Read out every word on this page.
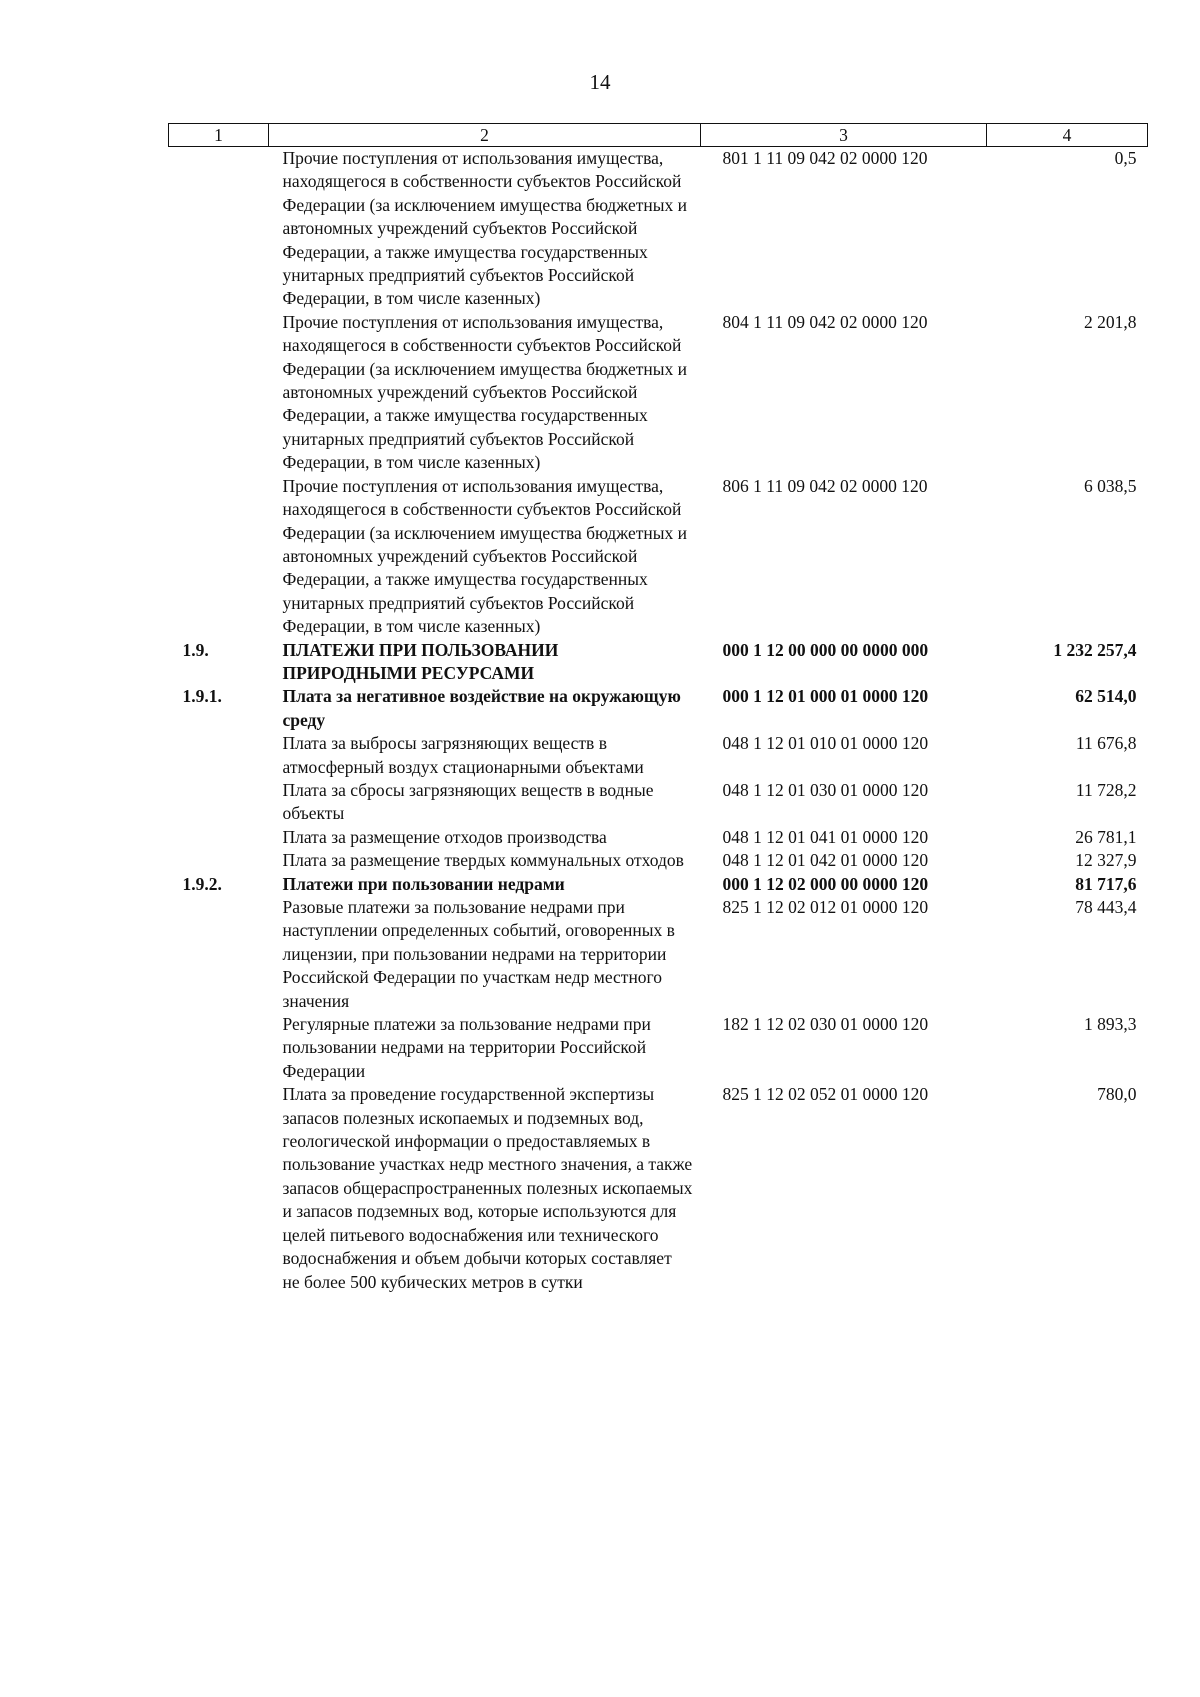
14
1	2	3	4
	Прочие поступления от использования имущества, находящегося в собственности субъектов Российской Федерации (за исключением имущества бюджетных и автономных учреждений субъектов Российской Федерации, а также имущества государственных унитарных предприятий субъектов Российской Федерации, в том числе казенных)	801 1 11 09 042 02 0000 120	0,5
	Прочие поступления от использования имущества, находящегося в собственности субъектов Российской Федерации (за исключением имущества бюджетных и автономных учреждений субъектов Российской Федерации, а также имущества государственных унитарных предприятий субъектов Российской Федерации, в том числе казенных)	804 1 11 09 042 02 0000 120	2 201,8
	Прочие поступления от использования имущества, находящегося в собственности субъектов Российской Федерации (за исключением имущества бюджетных и автономных учреждений субъектов Российской Федерации, а также имущества государственных унитарных предприятий субъектов Российской Федерации, в том числе казенных)	806 1 11 09 042 02 0000 120	6 038,5
1.9.	ПЛАТЕЖИ ПРИ ПОЛЬЗОВАНИИ ПРИРОДНЫМИ РЕСУРСАМИ	000 1 12 00 000 00 0000 000	1 232 257,4
1.9.1.	Плата за негативное воздействие на окружающую среду	000 1 12 01 000 01 0000 120	62 514,0
	Плата за выбросы загрязняющих веществ в атмосферный воздух стационарными объектами	048 1 12 01 010 01 0000 120	11 676,8
	Плата за сбросы загрязняющих веществ в водные объекты	048 1 12 01 030 01 0000 120	11 728,2
	Плата за размещение отходов производства	048 1 12 01 041 01 0000 120	26 781,1
	Плата за размещение твердых коммунальных отходов	048 1 12 01 042 01 0000 120	12 327,9
1.9.2.	Платежи при пользовании недрами	000 1 12 02 000 00 0000 120	81 717,6
	Разовые платежи за пользование недрами при наступлении определенных событий, оговоренных в лицензии, при пользовании недрами на территории Российской Федерации по участкам недр местного значения	825 1 12 02 012 01 0000 120	78 443,4
	Регулярные платежи за пользование недрами при пользовании недрами на территории Российской Федерации	182 1 12 02 030 01 0000 120	1 893,3
	Плата за проведение государственной экспертизы запасов полезных ископаемых и подземных вод, геологической информации о предоставляемых в пользование участках недр местного значения, а также запасов общераспространенных полезных ископаемых и запасов подземных вод, которые используются для целей питьевого водоснабжения или технического водоснабжения и объем добычи которых составляет не более 500 кубических метров в сутки	825 1 12 02 052 01 0000 120	780,0
